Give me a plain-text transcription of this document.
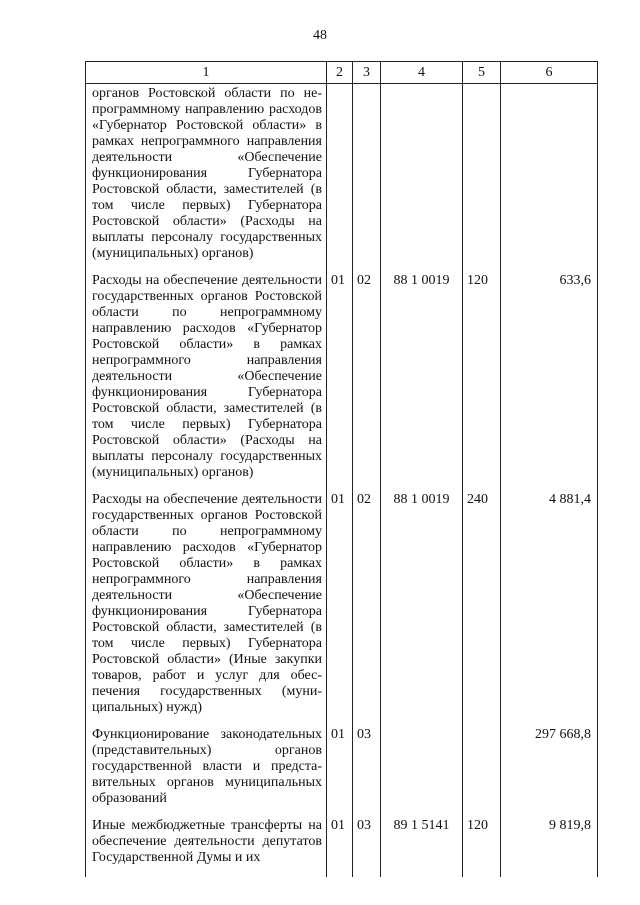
48
1	2	3	4	5	6
органов Ростовской области по непрограммному направлению расходов «Губернатор Ростовской области» в рамках непрограммного направления деятельности «Обеспечение функционирования Губернатора Ростовской области, заместителей (в том числе первых) Губернатора Ростовской области» (Расходы на выплаты персоналу государственных (муниципальных) органов)					
Расходы на обеспечение деятельности государственных органов Ростовской области по непрограммному направлению расходов «Губернатор Ростовской области» в рамках непрограммного направления деятельности «Обеспечение функционирования Губернатора Ростовской области, заместителей (в том числе первых) Губернатора Ростовской области» (Расходы на выплаты персоналу государственных (муниципальных) органов)	01	02	88 1 0019	120	633,6
Расходы на обеспечение деятельности государственных органов Ростовской области по непрограммному направлению расходов «Губернатор Ростовской области» в рамках непрограммного направления деятельности «Обеспечение функционирования Губернатора Ростовской области, заместителей (в том числе первых) Губернатора Ростовской области» (Иные закупки товаров, работ и услуг для обеспечения государственных (муниципальных) нужд)	01	02	88 1 0019	240	4 881,4
Функционирование законодательных (представительных) органов государственной власти и представительных органов муниципальных образований	01	03			297 668,8
Иные межбюджетные трансферты на обеспечение деятельности депутатов Государственной Думы и их	01	03	89 1 5141	120	9 819,8
